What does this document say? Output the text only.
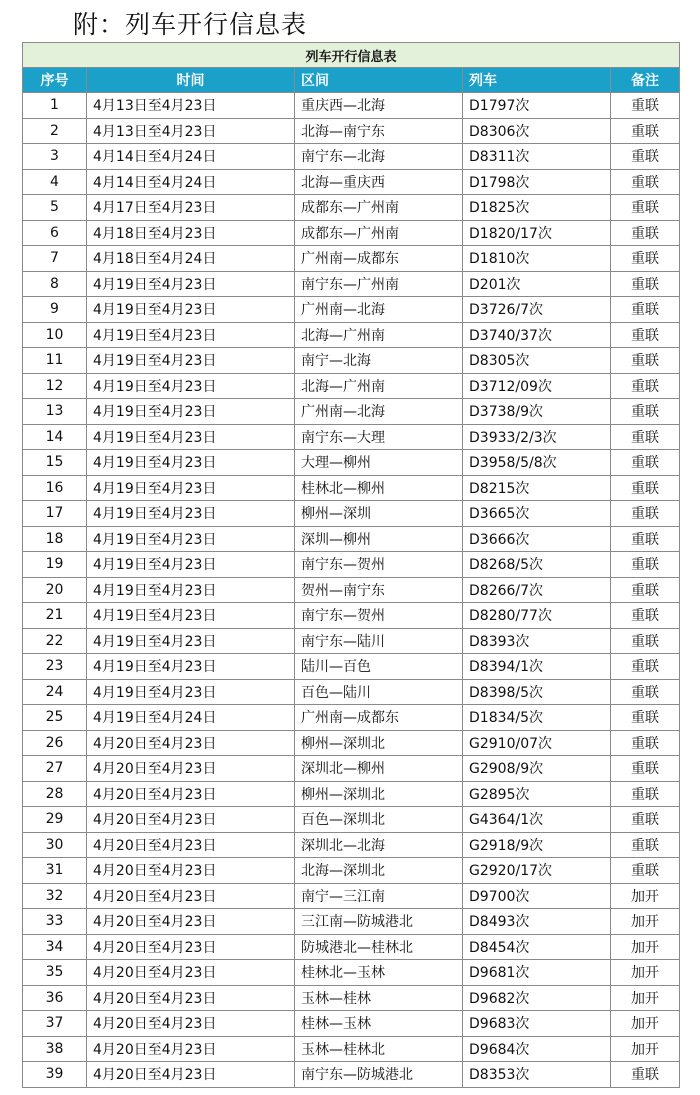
附：列车开行信息表
列车开行信息表				
序号	时间	区间	列车	备注
1	4月13日至4月23日	重庆西—北海	D1797次	重联
2	4月13日至4月23日	北海—南宁东	D8306次	重联
3	4月14日至4月24日	南宁东—北海	D8311次	重联
4	4月14日至4月24日	北海—重庆西	D1798次	重联
5	4月17日至4月23日	成都东—广州南	D1825次	重联
6	4月18日至4月23日	成都东—广州南	D1820/17次	重联
7	4月18日至4月24日	广州南—成都东	D1810次	重联
8	4月19日至4月23日	南宁东—广州南	D201次	重联
9	4月19日至4月23日	广州南—北海	D3726/7次	重联
10	4月19日至4月23日	北海—广州南	D3740/37次	重联
11	4月19日至4月23日	南宁—北海	D8305次	重联
12	4月19日至4月23日	北海—广州南	D3712/09次	重联
13	4月19日至4月23日	广州南—北海	D3738/9次	重联
14	4月19日至4月23日	南宁东—大理	D3933/2/3次	重联
15	4月19日至4月23日	大理—柳州	D3958/5/8次	重联
16	4月19日至4月23日	桂林北—柳州	D8215次	重联
17	4月19日至4月23日	柳州—深圳	D3665次	重联
18	4月19日至4月23日	深圳—柳州	D3666次	重联
19	4月19日至4月23日	南宁东—贺州	D8268/5次	重联
20	4月19日至4月23日	贺州—南宁东	D8266/7次	重联
21	4月19日至4月23日	南宁东—贺州	D8280/77次	重联
22	4月19日至4月23日	南宁东—陆川	D8393次	重联
23	4月19日至4月23日	陆川—百色	D8394/1次	重联
24	4月19日至4月23日	百色—陆川	D8398/5次	重联
25	4月19日至4月24日	广州南—成都东	D1834/5次	重联
26	4月20日至4月23日	柳州—深圳北	G2910/07次	重联
27	4月20日至4月23日	深圳北—柳州	G2908/9次	重联
28	4月20日至4月23日	柳州—深圳北	G2895次	重联
29	4月20日至4月23日	百色—深圳北	G4364/1次	重联
30	4月20日至4月23日	深圳北—北海	G2918/9次	重联
31	4月20日至4月23日	北海—深圳北	G2920/17次	重联
32	4月20日至4月23日	南宁—三江南	D9700次	加开
33	4月20日至4月23日	三江南—防城港北	D8493次	加开
34	4月20日至4月23日	防城港北—桂林北	D8454次	加开
35	4月20日至4月23日	桂林北—玉林	D9681次	加开
36	4月20日至4月23日	玉林—桂林	D9682次	加开
37	4月20日至4月23日	桂林—玉林	D9683次	加开
38	4月20日至4月23日	玉林—桂林北	D9684次	加开
39	4月20日至4月23日	南宁东—防城港北	D8353次	重联
